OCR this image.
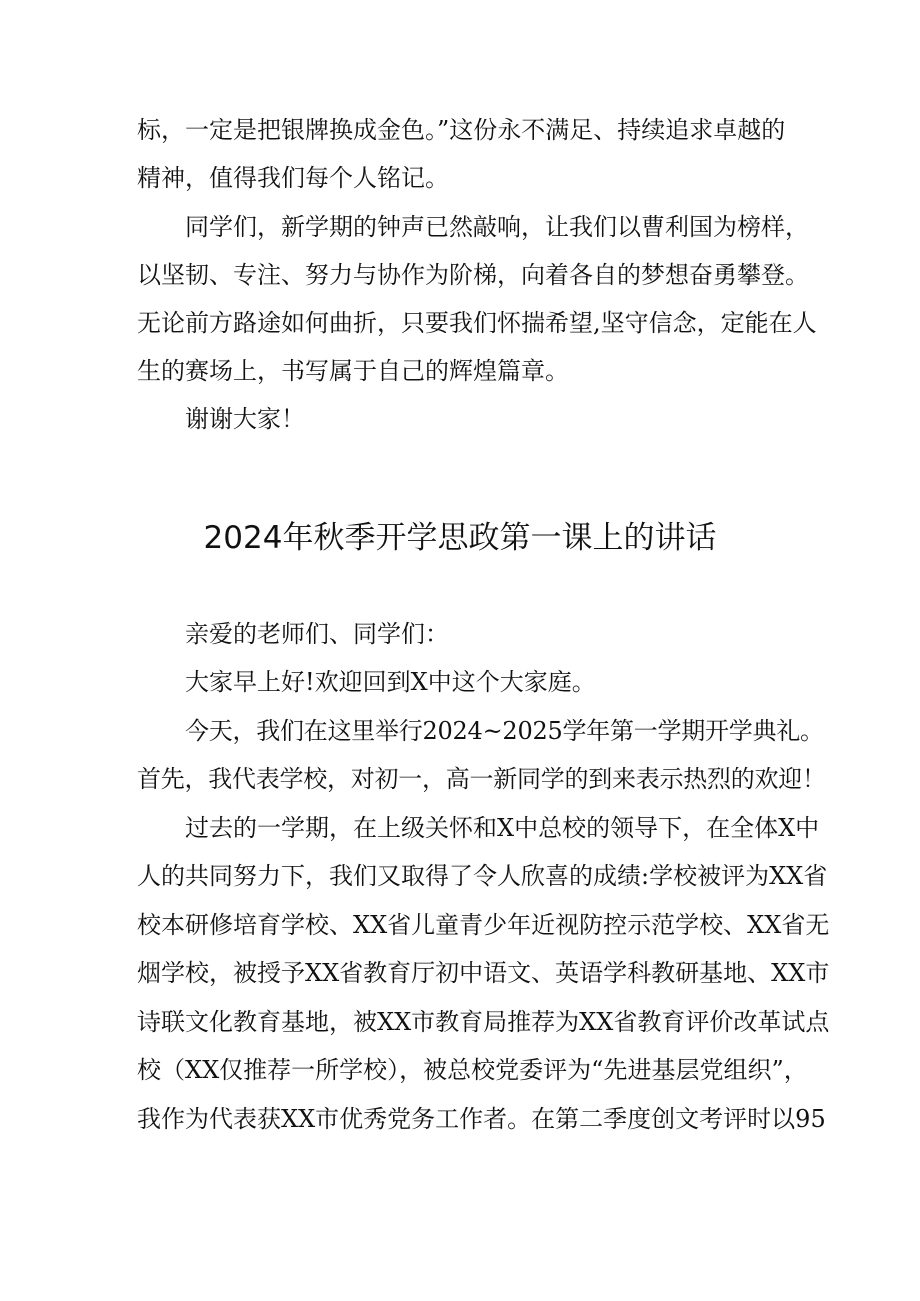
标，一定是把银牌换成金色。”这份永不满足、持续追求卓越的
精神，值得我们每个人铭记。
同学们，新学期的钟声已然敲响，让我们以曹利国为榜样，
以坚韧、专注、努力与协作为阶梯，向着各自的梦想奋勇攀登。
无论前方路途如何曲折，只要我们怀揣希望,坚守信念，定能在人
生的赛场上，书写属于自己的辉煌篇章。
谢谢大家！
2024年秋季开学思政第一课上的讲话
亲爱的老师们、同学们：
大家早上好!欢迎回到X中这个大家庭。
今天，我们在这里举行2024~2025学年第一学期开学典礼。
首先，我代表学校，对初一，高一新同学的到来表示热烈的欢迎！
过去的一学期，在上级关怀和X中总校的领导下，在全体X中
人的共同努力下，我们又取得了令人欣喜的成绩:学校被评为XX省
校本研修培育学校、XX省儿童青少年近视防控示范学校、XX省无
烟学校，被授予XX省教育厅初中语文、英语学科教研基地、XX市
诗联文化教育基地，被XX市教育局推荐为XX省教育评价改革试点
校（XX仅推荐一所学校），被总校党委评为“先进基层党组织”，
我作为代表获XX市优秀党务工作者。在第二季度创文考评时以95
